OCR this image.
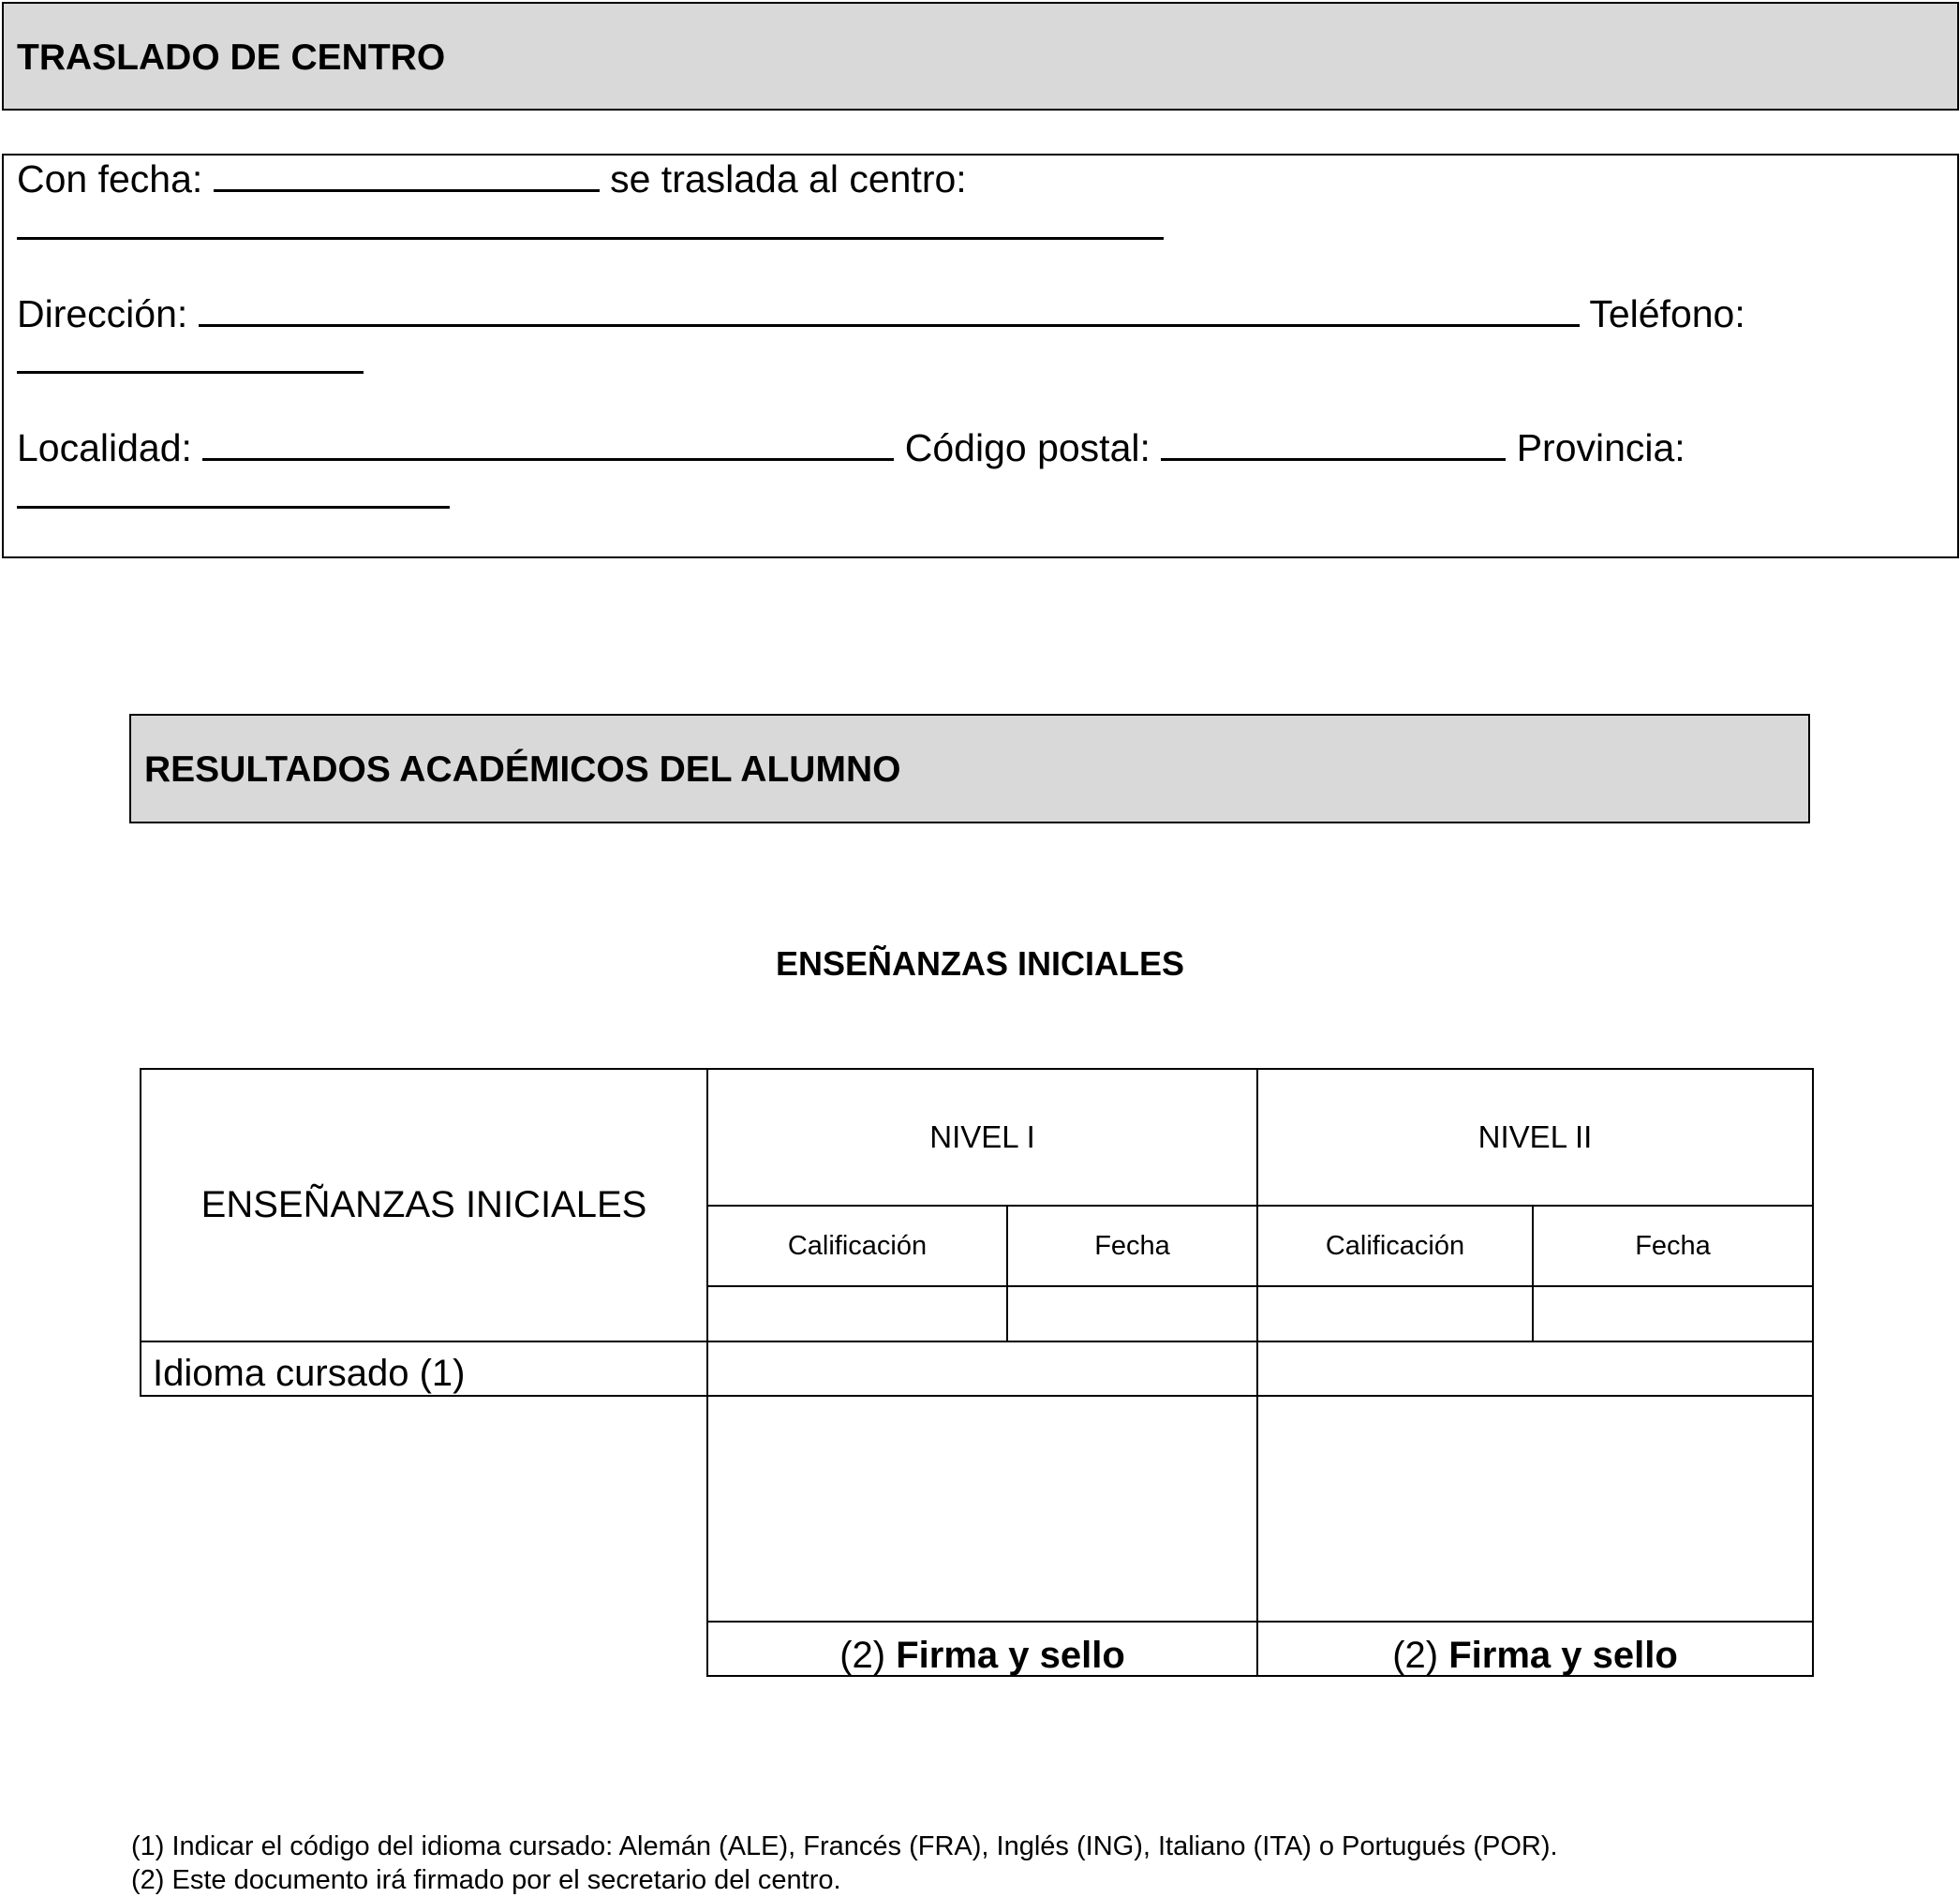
TRASLADO DE CENTRO
Con fecha:	se traslada al centro:
Dirección:	Teléfono:
Localidad:	Código postal:	Provincia:
RESULTADOS ACADÉMICOS DEL ALUMNO
ENSEÑANZAS INICIALES
ENSEÑANZAS INICIALES	NIVEL I		NIVEL II	
	Calificación	Fecha	Calificación	Fecha

Idioma cursado (1)				

	(2) Firma y sello		(2) Firma y sello	
(1) Indicar el código del idioma cursado: Alemán (ALE), Francés (FRA), Inglés (ING), Italiano (ITA) o Portugués (POR).
(2) Este documento irá firmado por el secretario del centro.
